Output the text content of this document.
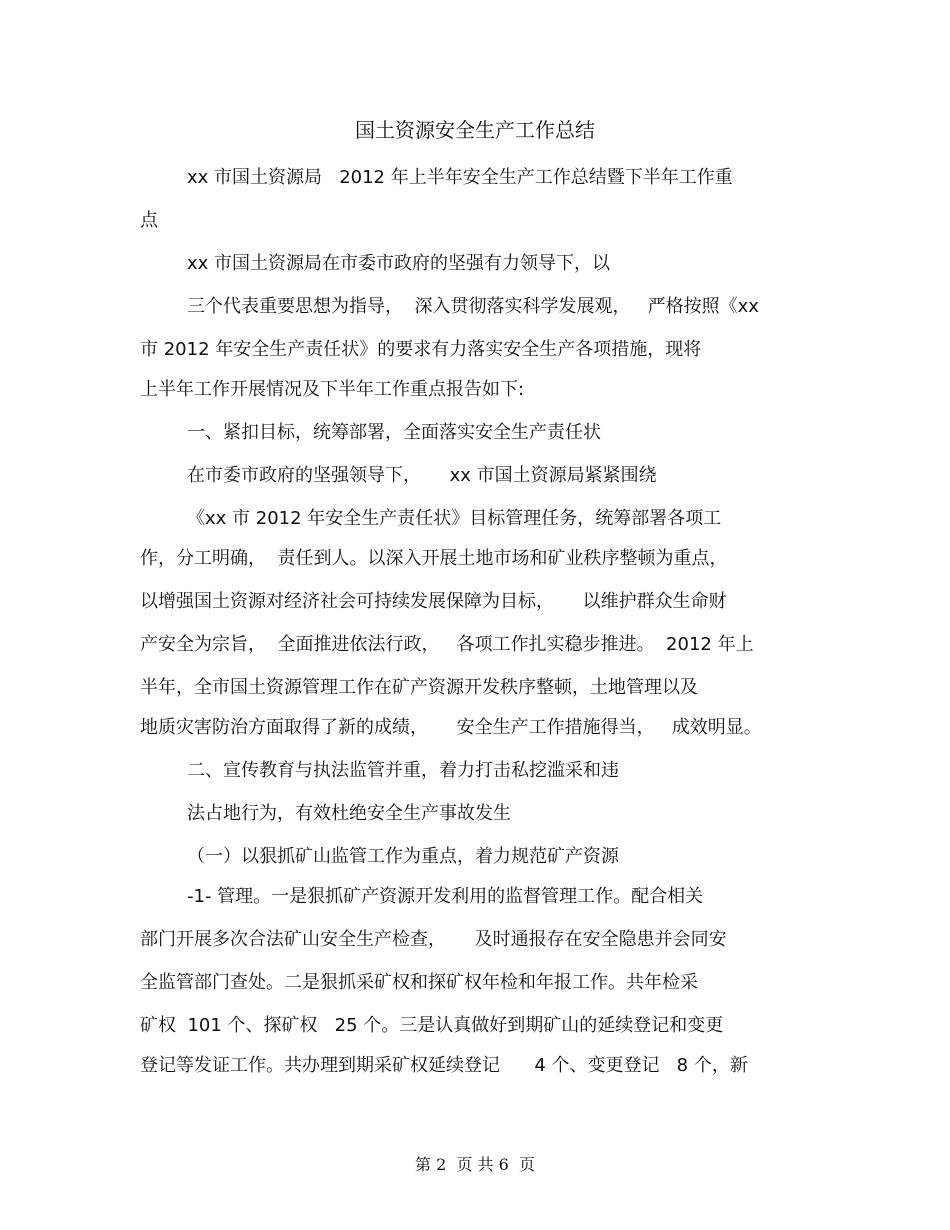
国土资源安全生产工作总结
xx 市国土资源局   2012 年上半年安全生产工作总结暨下半年工作重
点
xx 市国土资源局在市委市政府的坚强有力领导下，以
三个代表重要思想为指导，  深入贯彻落实科学发展观，   严格按照《xx
市 2012 年安全生产责任状》的要求有力落实安全生产各项措施，现将
上半年工作开展情况及下半年工作重点报告如下:
一、紧扣目标，统筹部署，全面落实安全生产责任状
在市委市政府的坚强领导下，     xx 市国土资源局紧紧围绕
《xx 市 2012 年安全生产责任状》目标管理任务，统筹部署各项工
作，分工明确，  责任到人。以深入开展土地市场和矿业秩序整顿为重点，
以增强国土资源对经济社会可持续发展保障为目标，     以维护群众生命财
产安全为宗旨，  全面推进依法行政，   各项工作扎实稳步推进。  2012 年上
半年，全市国土资源管理工作在矿产资源开发秩序整顿，土地管理以及
地质灾害防治方面取得了新的成绩，     安全生产工作措施得当，   成效明显。
二、宣传教育与执法监管并重，着力打击私挖滥采和违
法占地行为，有效杜绝安全生产事故发生
（一）以狠抓矿山监管工作为重点，着力规范矿产资源
-1- 管理。一是狠抓矿产资源开发利用的监督管理工作。配合相关
部门开展多次合法矿山安全生产检查，     及时通报存在安全隐患并会同安
全监管部门查处。二是狠抓采矿权和探矿权年检和年报工作。共年检采
矿权  101 个、探矿权   25 个。三是认真做好到期矿山的延续登记和变更
登记等发证工作。共办理到期采矿权延续登记      4 个、变更登记   8 个，新
第 2  页 共 6  页
